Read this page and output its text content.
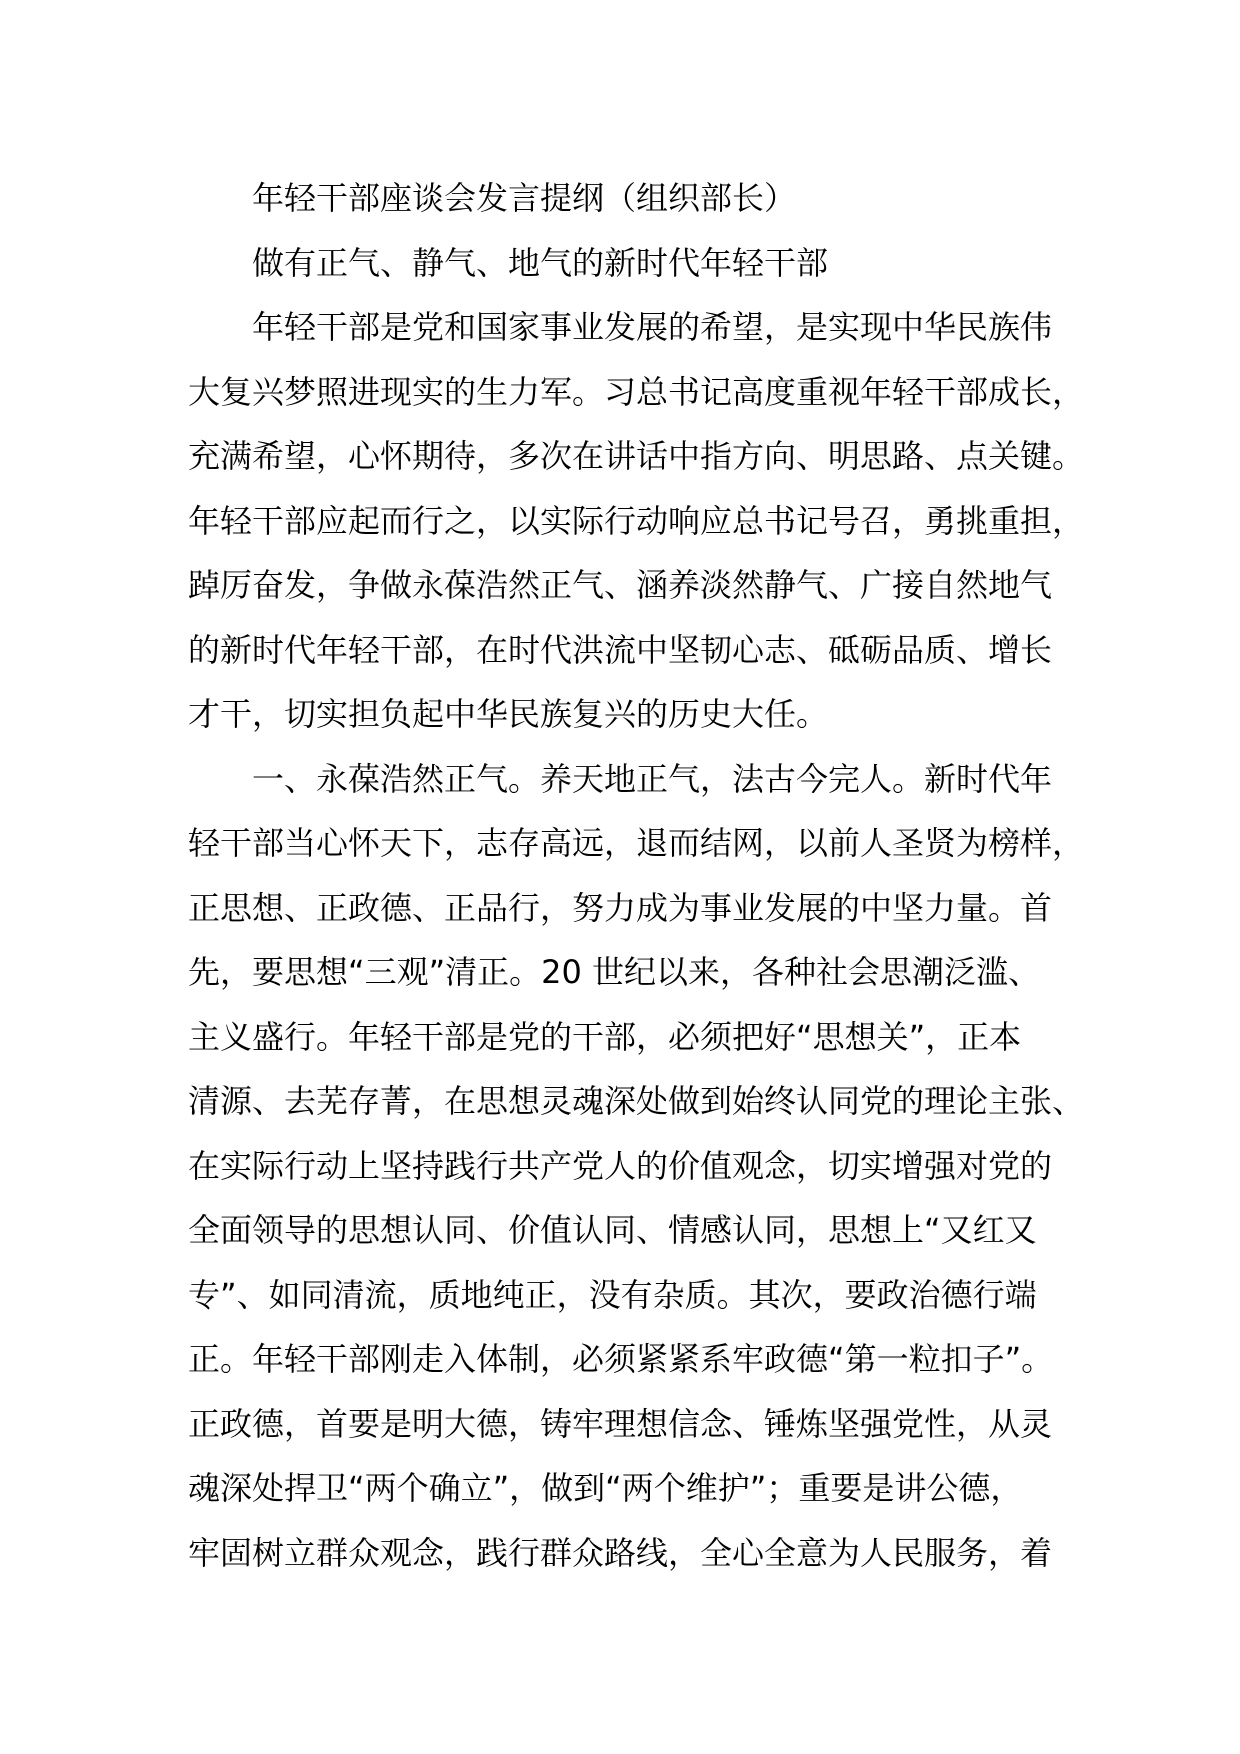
年轻干部座谈会发言提纲（组织部长）
做有正气、静气、地气的新时代年轻干部
年轻干部是党和国家事业发展的希望，是实现中华民族伟
大复兴梦照进现实的生力军。习总书记高度重视年轻干部成长，
充满希望，心怀期待，多次在讲话中指方向、明思路、点关键。
年轻干部应起而行之，以实际行动响应总书记号召，勇挑重担，
踔厉奋发，争做永葆浩然正气、涵养淡然静气、广接自然地气
的新时代年轻干部，在时代洪流中坚韧心志、砥砺品质、增长
才干，切实担负起中华民族复兴的历史大任。
一、永葆浩然正气。养天地正气，法古今完人。新时代年
轻干部当心怀天下，志存高远，退而结网，以前人圣贤为榜样，
正思想、正政德、正品行，努力成为事业发展的中坚力量。首
先，要思想“三观”清正。20 世纪以来，各种社会思潮泛滥、
主义盛行。年轻干部是党的干部，必须把好“思想关”，正本
清源、去芜存菁，在思想灵魂深处做到始终认同党的理论主张、
在实际行动上坚持践行共产党人的价值观念，切实增强对党的
全面领导的思想认同、价值认同、情感认同，思想上“又红又
专”、如同清流，质地纯正，没有杂质。其次，要政治德行端
正。年轻干部刚走入体制，必须紧紧系牢政德“第一粒扣子”。
正政德，首要是明大德，铸牢理想信念、锤炼坚强党性，从灵
魂深处捍卫“两个确立”，做到“两个维护”；重要是讲公德，
牢固树立群众观念，践行群众路线，全心全意为人民服务，着
